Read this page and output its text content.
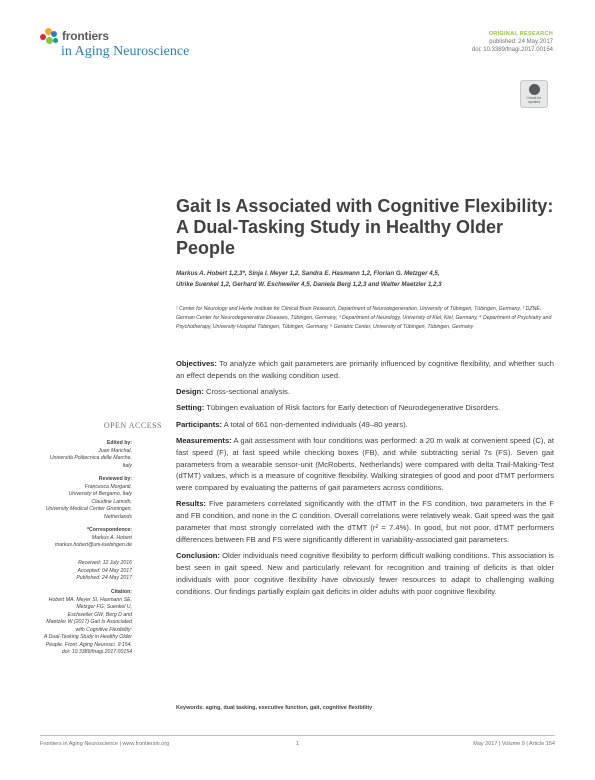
frontiers
in Aging Neuroscience
ORIGINAL RESEARCH
published: 24 May 2017
doi: 10.3389/fnagi.2017.00154
Check for updates
Gait Is Associated with Cognitive Flexibility: A Dual-Tasking Study in Healthy Older People
Markus A. Hobert 1,2,3*, Sinja I. Meyer 1,2, Sandra E. Hasmann 1,2, Florian G. Metzger 4,5,
Ulrike Suenkel 1,2, Gerhard W. Eschweiler 4,5, Daniela Berg 1,2,3 and Walter Maetzler 1,2,3
¹ Center for Neurology and Hertie Institute for Clinical Brain Research, Department of Neurodegeneration, University of Tübingen, Tübingen, Germany, ² DZNE, German Center for Neurodegenerative Diseases, Tübingen, Germany, ³ Department of Neurology, University of Kiel, Kiel, Germany, ⁴ Department of Psychiatry and Psychotherapy, University Hospital Tübingen, Tübingen, Germany, ⁵ Geriatric Center, University of Tübingen, Tübingen, Germany

Objectives: To analyze which gait parameters are primarily influenced by cognitive flexibility, and whether such an effect depends on the walking condition used.

Design: Cross-sectional analysis.

Setting: Tübingen evaluation of Risk factors for Early detection of Neurodegenerative Disorders.

Participants: A total of 661 non-demented individuals (49–80 years).

Measurements: A gait assessment with four conditions was performed: a 20 m walk at convenient speed (C), at fast speed (F), at fast speed while checking boxes (FB), and while subtracting serial 7s (FS). Seven gait parameters from a wearable sensor-unit (McRoberts, Netherlands) were compared with delta Trail-Making-Test (dTMT) values, which is a measure of cognitive flexibility. Walking strategies of good and poor dTMT performers were compared by evaluating the patterns of gait parameters across conditions.

Results: Five parameters correlated significantly with the dTMT in the FS condition, two parameters in the F and FB condition, and none in the C condition. Overall correlations were relatively weak. Gait speed was the gait parameter that most strongly correlated with the dTMT (r² = 7.4%). In good, but not poor, dTMT performers differences between FB and FS were significantly different in variability-associated gait parameters.

Conclusion: Older individuals need cognitive flexibility to perform difficult walking conditions. This association is best seen in gait speed. New and particularly relevant for recognition and training of deficits is that older individuals with poor cognitive flexibility have obviously fewer resources to adapt to challenging walking conditions. Our findings partially explain gait deficits in older adults with poor cognitive flexibility.

Keywords: aging, dual tasking, executive function, gait, cognitive flexibility
OPEN ACCESS
Edited by:
Juan Marichal,
Università Politecnica delle Marche,
Italy
Reviewed by:
Francesca Morganti,
University of Bergamo, Italy
Claudine Lamoth,
University Medical Center Groningen,
Netherlands
*Correspondence:
Markus A. Hobert
markus.hobert@uni-tuebingen.de
Received: 12 July 2016
Accepted: 04 May 2017
Published: 24 May 2017
Citation:
Hobert MA, Meyer SI, Hasmann SE,
Metzger FG, Suenkel U,
Eschweiler GW, Berg D and
Maetzler W (2017) Gait Is Associated
with Cognitive Flexibility:
A Dual-Tasking Study in Healthy Older
People. Front. Aging Neurosci. 9:154.
doi: 10.3389/fnagi.2017.00154
Frontiers in Aging Neuroscience | www.frontiersin.org	1	May 2017 | Volume 9 | Article 154
